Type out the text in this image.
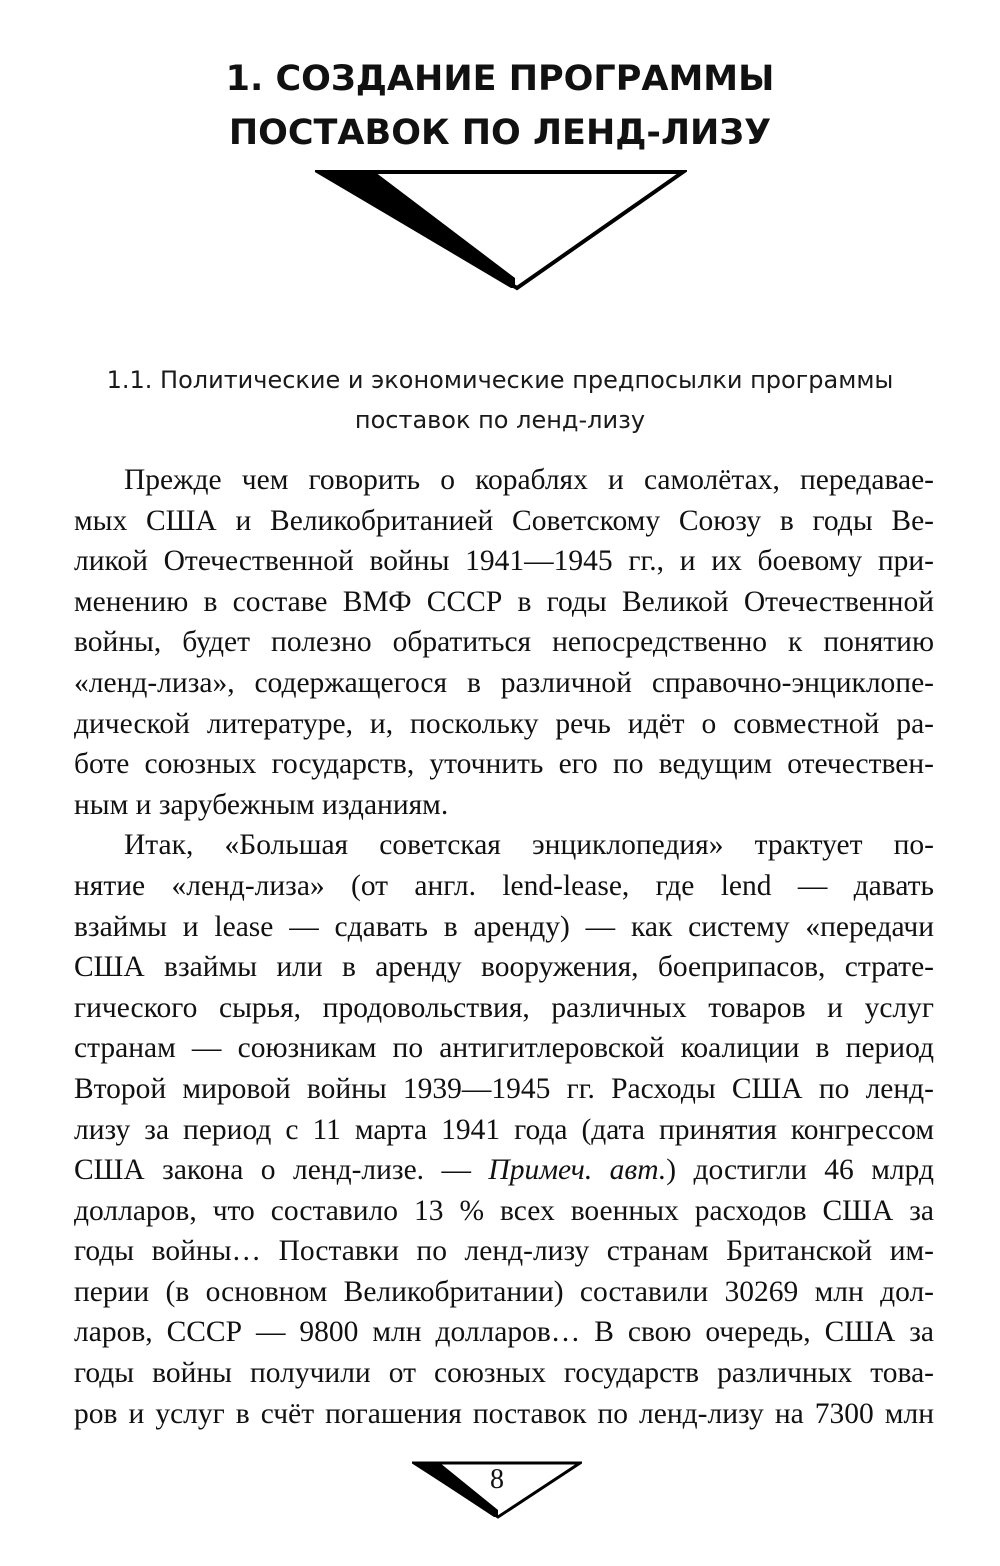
1. СОЗДАНИЕ ПРОГРАММЫ
ПОСТАВОК ПО ЛЕНД-ЛИЗУ
1.1. Политические и экономические предпосылки программы
поставок по ленд-лизу
Прежде чем говорить о кораблях и самолётах, передавае-
мых США и Великобританией Советскому Союзу в годы Ве-
ликой Отечественной войны 1941—1945 гг., и их боевому при-
менению в составе ВМФ СССР в годы Великой Отечественной
войны, будет полезно обратиться непосредственно к понятию
«ленд-лиза», содержащегося в различной справочно-энциклопе-
дической литературе, и, поскольку речь идёт о совместной ра-
боте союзных государств, уточнить его по ведущим отечествен-
ным и зарубежным изданиям.
Итак, «Большая советская энциклопедия» трактует по-
нятие «ленд-лиза» (от англ. lend-lease, где lend — давать
взаймы и lease — сдавать в аренду) — как систему «передачи
США взаймы или в аренду вооружения, боеприпасов, страте-
гического сырья, продовольствия, различных товаров и услуг
странам — союзникам по антигитлеровской коалиции в период
Второй мировой войны 1939—1945 гг. Расходы США по ленд-
лизу за период с 11 марта 1941 года (дата принятия конгрессом
США закона о ленд-лизе. — Примеч. авт.) достигли 46 млрд
долларов, что составило 13 % всех военных расходов США за
годы войны… Поставки по ленд-лизу странам Британской им-
перии (в основном Великобритании) составили 30269 млн дол-
ларов, СССР — 9800 млн долларов… В свою очередь, США за
годы войны получили от союзных государств различных това-
ров и услуг в счёт погашения поставок по ленд-лизу на 7300 млн
8
